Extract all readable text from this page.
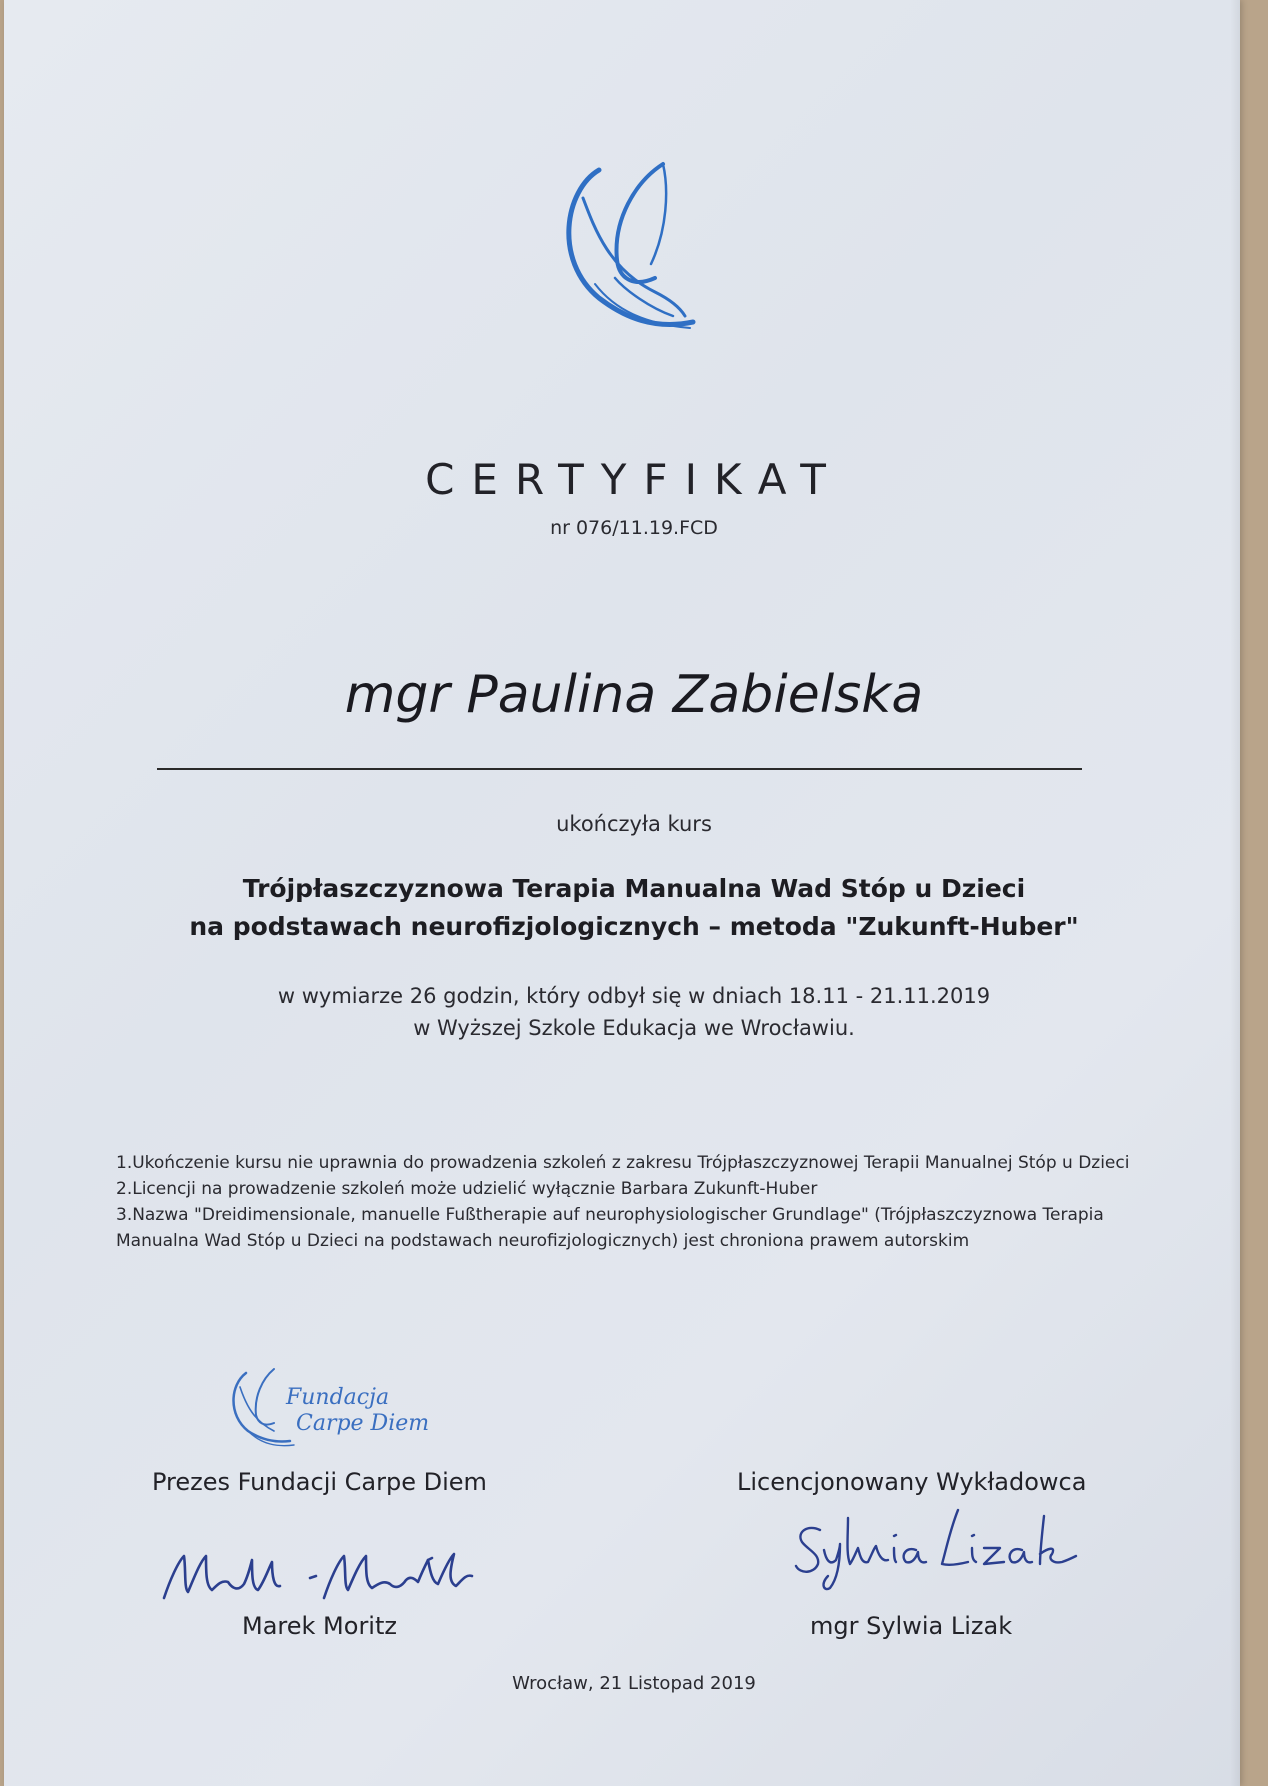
CERTYFIKAT
nr 076/11.19.FCD
mgr Paulina Zabielska
ukończyła kurs
Trójpłaszczyznowa Terapia Manualna Wad Stóp u Dzieci
na podstawach neurofizjologicznych – metoda "Zukunft-Huber"
w wymiarze 26 godzin, który odbył się w dniach 18.11 - 21.11.2019
w Wyższej Szkole Edukacja we Wrocławiu.
1.Ukończenie kursu nie uprawnia do prowadzenia szkoleń z zakresu Trójpłaszczyznowej Terapii Manualnej Stóp u Dzieci
2.Licencji na prowadzenie szkoleń może udzielić wyłącznie Barbara Zukunft-Huber
3.Nazwa "Dreidimensionale, manuelle Fußtherapie auf neurophysiologischer Grundlage" (Trójpłaszczyznowa Terapia
Manualna Wad Stóp u Dzieci na podstawach neurofizjologicznych) jest chroniona prawem autorskim
Fundacja
Carpe Diem
Prezes Fundacji Carpe Diem	Licencjonowany Wykładowca
Marek Moritz	mgr Sylwia Lizak
Wrocław, 21 Listopad 2019
